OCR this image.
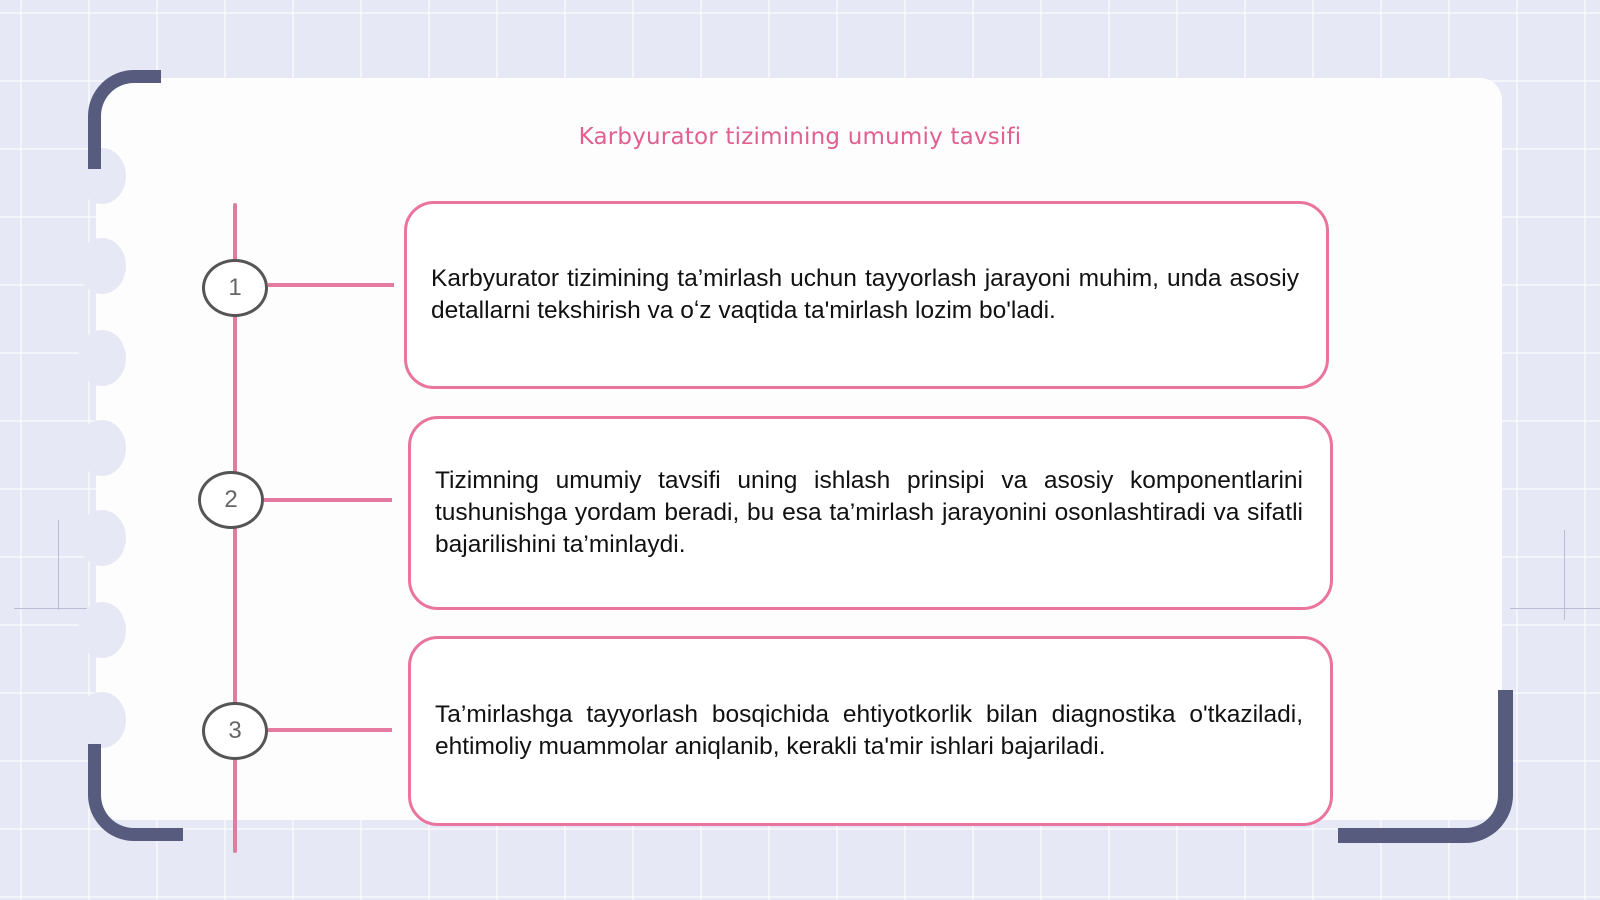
Karbyurator tizimining umumiy tavsifi
1	Karbyurator tizimining ta’mirlash uchun tayyorlash jarayoni muhim, unda asosiy detallarni tekshirish va oʻz vaqtida ta'mirlash lozim bo'ladi.

2

Tizimning umumiy tavsifi uning ishlash prinsipi va asosiy komponentlarini tushunishga yordam beradi, bu esa ta’mirlash jarayonini osonlashtiradi va sifatli bajarilishini ta’minlaydi.

3

Ta’mirlashga tayyorlash bosqichida ehtiyotkorlik bilan diagnostika o'tkaziladi, ehtimoliy muammolar aniqlanib, kerakli ta'mir ishlari bajariladi.
